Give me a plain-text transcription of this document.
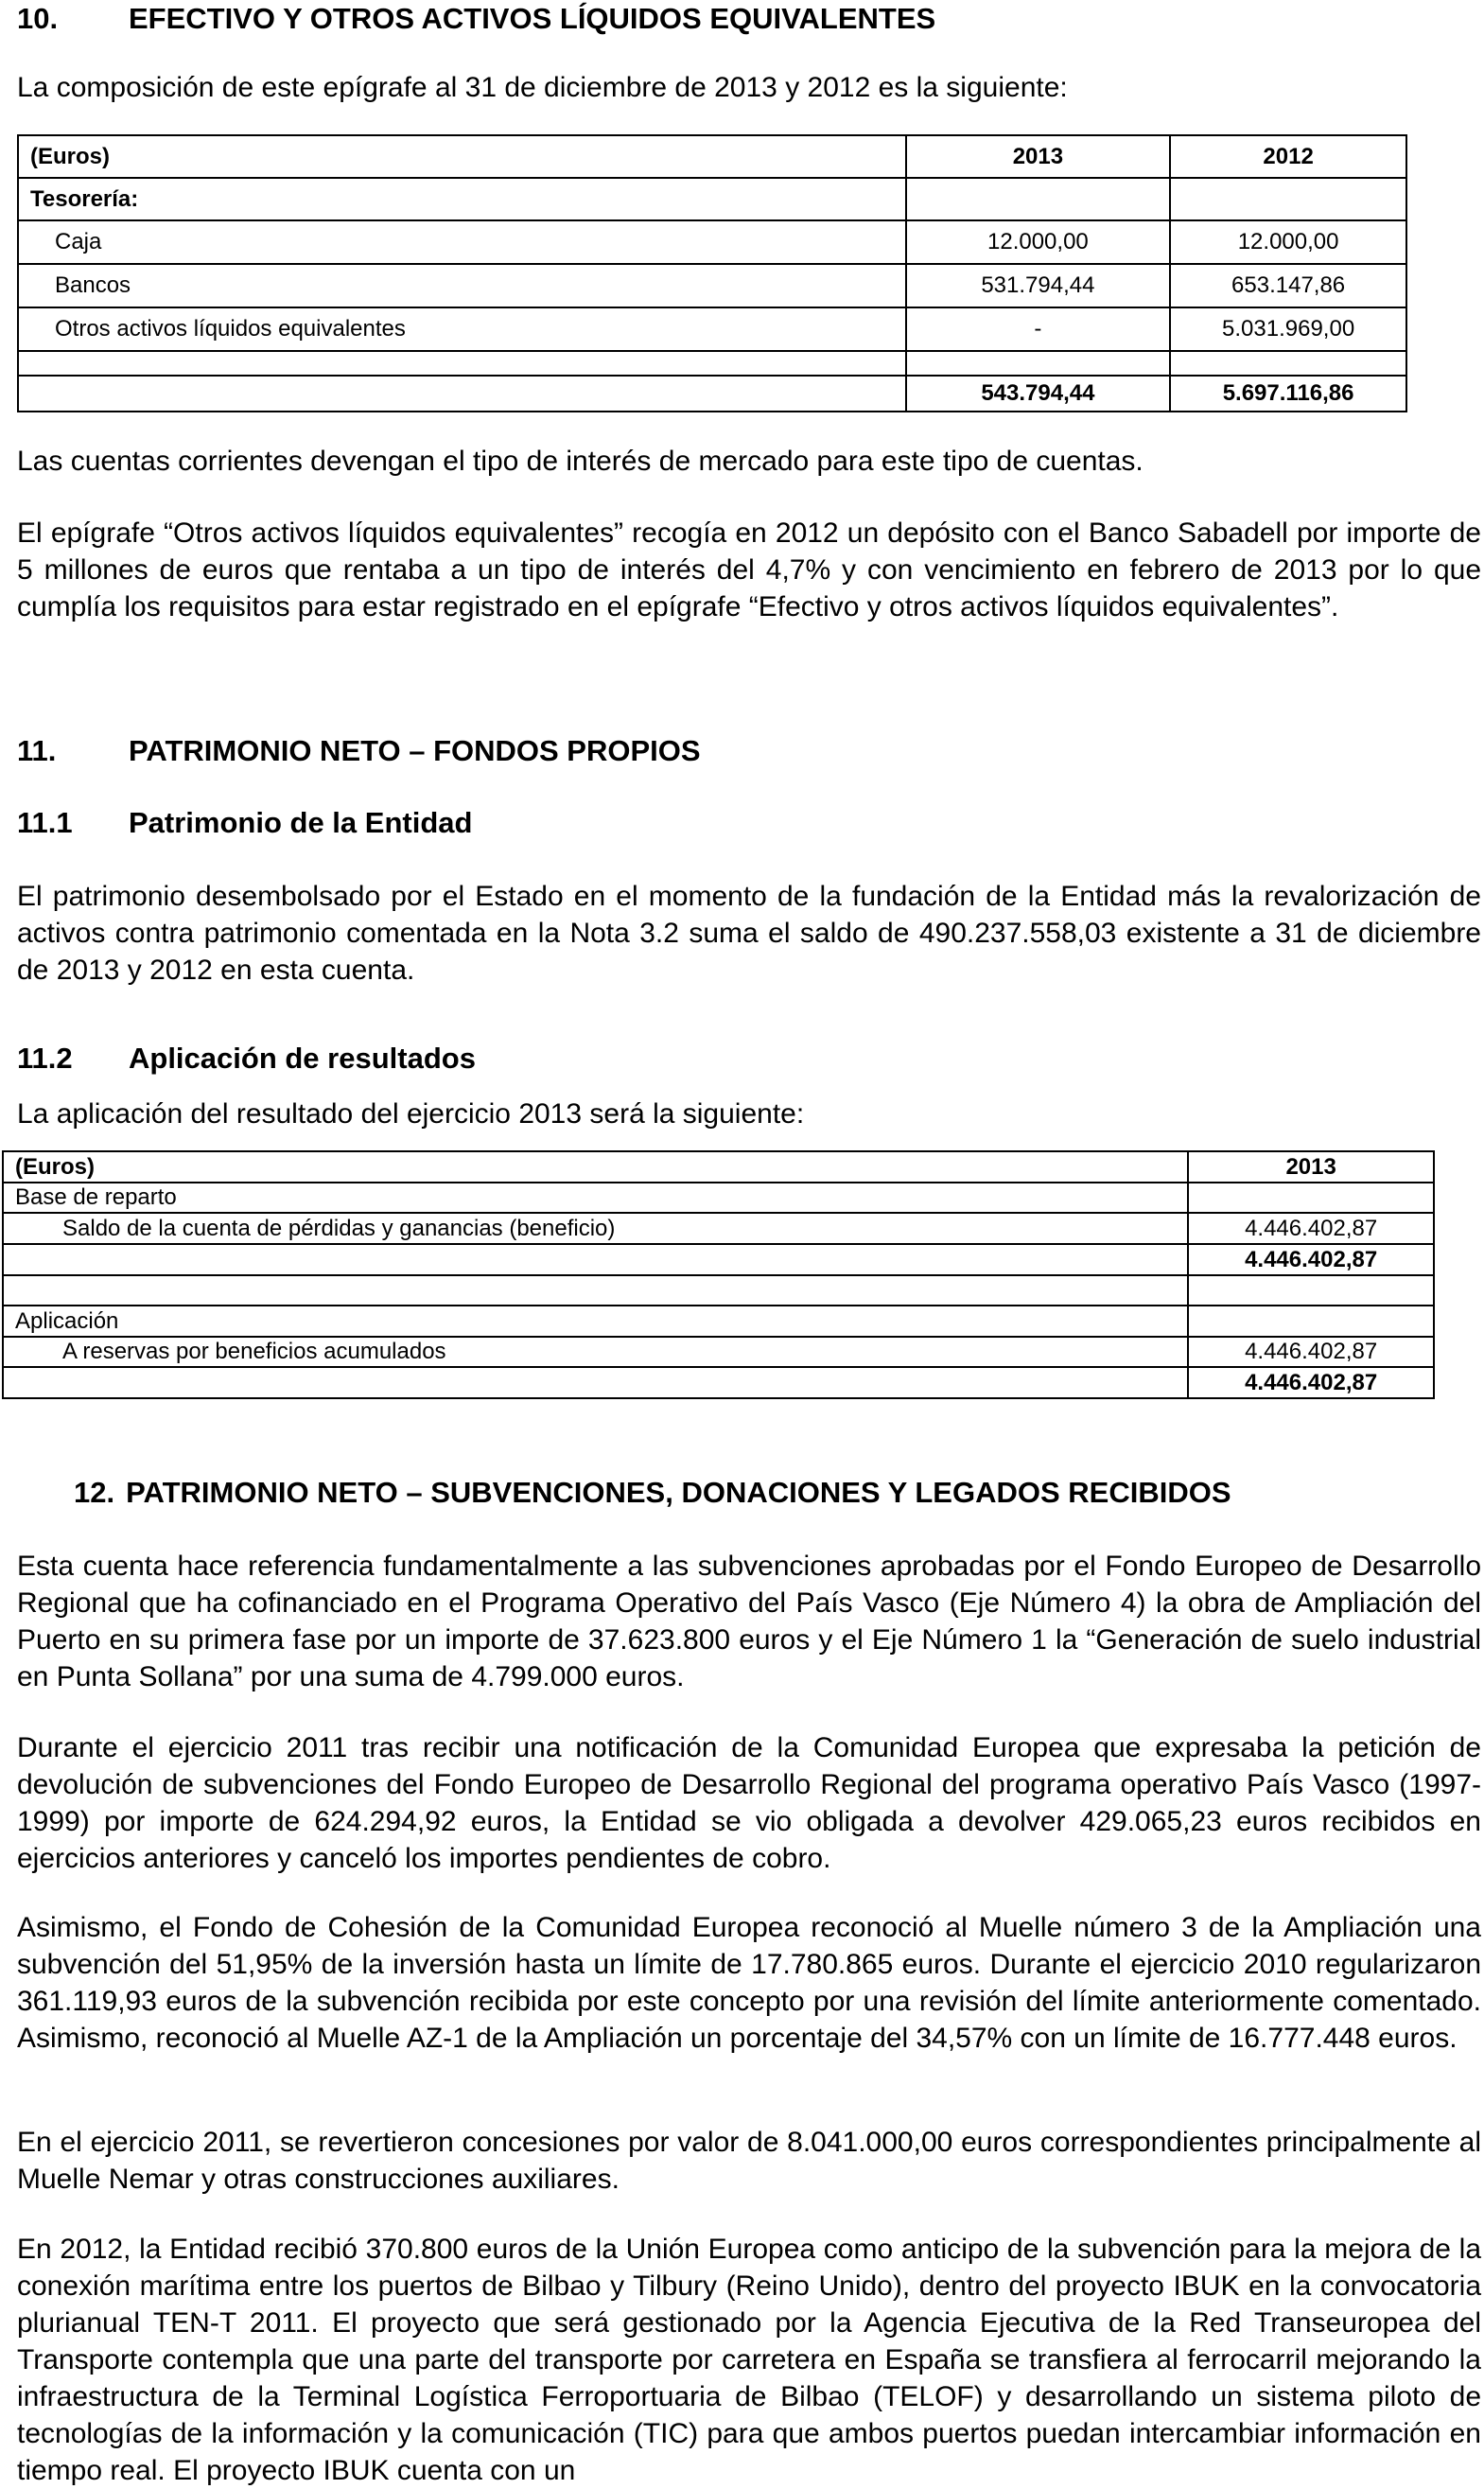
10. EFECTIVO Y OTROS ACTIVOS LÍQUIDOS EQUIVALENTES

La composición de este epígrafe al 31 de diciembre de 2013 y 2012 es la siguiente:

(Euros)	2013	2012
Tesorería:		
Caja	12.000,00	12.000,00
Bancos	531.794,44	653.147,86
Otros activos líquidos equivalentes	-	5.031.969,00

	543.794,44	5.697.116,86

Las cuentas corrientes devengan el tipo de interés de mercado para este tipo de cuentas.

El epígrafe “Otros activos líquidos equivalentes” recogía en 2012 un depósito con el Banco Sabadell por importe de 5 millones de euros que rentaba a un tipo de interés del 4,7% y con vencimiento en febrero de 2013 por lo que cumplía los requisitos para estar registrado en el epígrafe “Efectivo y otros activos líquidos equivalentes”.

11. PATRIMONIO NETO – FONDOS PROPIOS
11.1 Patrimonio de la Entidad

El patrimonio desembolsado por el Estado en el momento de la fundación de la Entidad más la revalorización de activos contra patrimonio comentada en la Nota 3.2 suma el saldo de 490.237.558,03 existente a 31 de diciembre de 2013 y 2012 en esta cuenta.

11.2 Aplicación de resultados

La aplicación del resultado del ejercicio 2013 será la siguiente:

(Euros)	2013
Base de reparto	
Saldo de la cuenta de pérdidas y ganancias (beneficio)	4.446.402,87
	4.446.402,87

Aplicación	
A reservas por beneficios acumulados	4.446.402,87
	4.446.402,87
12. PATRIMONIO NETO – SUBVENCIONES, DONACIONES Y LEGADOS RECIBIDOS

Esta cuenta hace referencia fundamentalmente a las subvenciones aprobadas por el Fondo Europeo de Desarrollo Regional que ha cofinanciado en el Programa Operativo del País Vasco (Eje Número 4) la obra de Ampliación del Puerto en su primera fase por un importe de 37.623.800 euros y el Eje Número 1 la “Generación de suelo industrial en Punta Sollana” por una suma de 4.799.000 euros.

Durante el ejercicio 2011 tras recibir una notificación de la Comunidad Europea que expresaba la petición de devolución de subvenciones del Fondo Europeo de Desarrollo Regional del programa operativo País Vasco (1997-1999) por importe de 624.294,92 euros, la Entidad se vio obligada a devolver 429.065,23 euros recibidos en ejercicios anteriores y canceló los importes pendientes de cobro.

Asimismo, el Fondo de Cohesión de la Comunidad Europea reconoció al Muelle número 3 de la Ampliación una subvención del 51,95% de la inversión hasta un límite de 17.780.865 euros. Durante el ejercicio 2010 regularizaron 361.119,93 euros de la subvención recibida por este concepto por una revisión del límite anteriormente comentado. Asimismo, reconoció al Muelle AZ-1 de la Ampliación un porcentaje del 34,57% con un límite de 16.777.448 euros.

En el ejercicio 2011, se revertieron concesiones por valor de 8.041.000,00 euros correspondientes principalmente al Muelle Nemar y otras construcciones auxiliares.

En 2012, la Entidad recibió 370.800 euros de la Unión Europea como anticipo de la subvención para la mejora de la conexión marítima entre los puertos de Bilbao y Tilbury (Reino Unido), dentro del proyecto IBUK en la convocatoria plurianual TEN-T 2011. El proyecto que será gestionado por la Agencia Ejecutiva de la Red Transeuropea del Transporte contempla que una parte del transporte por carretera en España se transfiera al ferrocarril mejorando la infraestructura de la Terminal Logística Ferroportuaria de Bilbao (TELOF) y desarrollando un sistema piloto de tecnologías de la información y la comunicación (TIC) para que ambos puertos puedan intercambiar información en tiempo real. El proyecto IBUK cuenta con un
